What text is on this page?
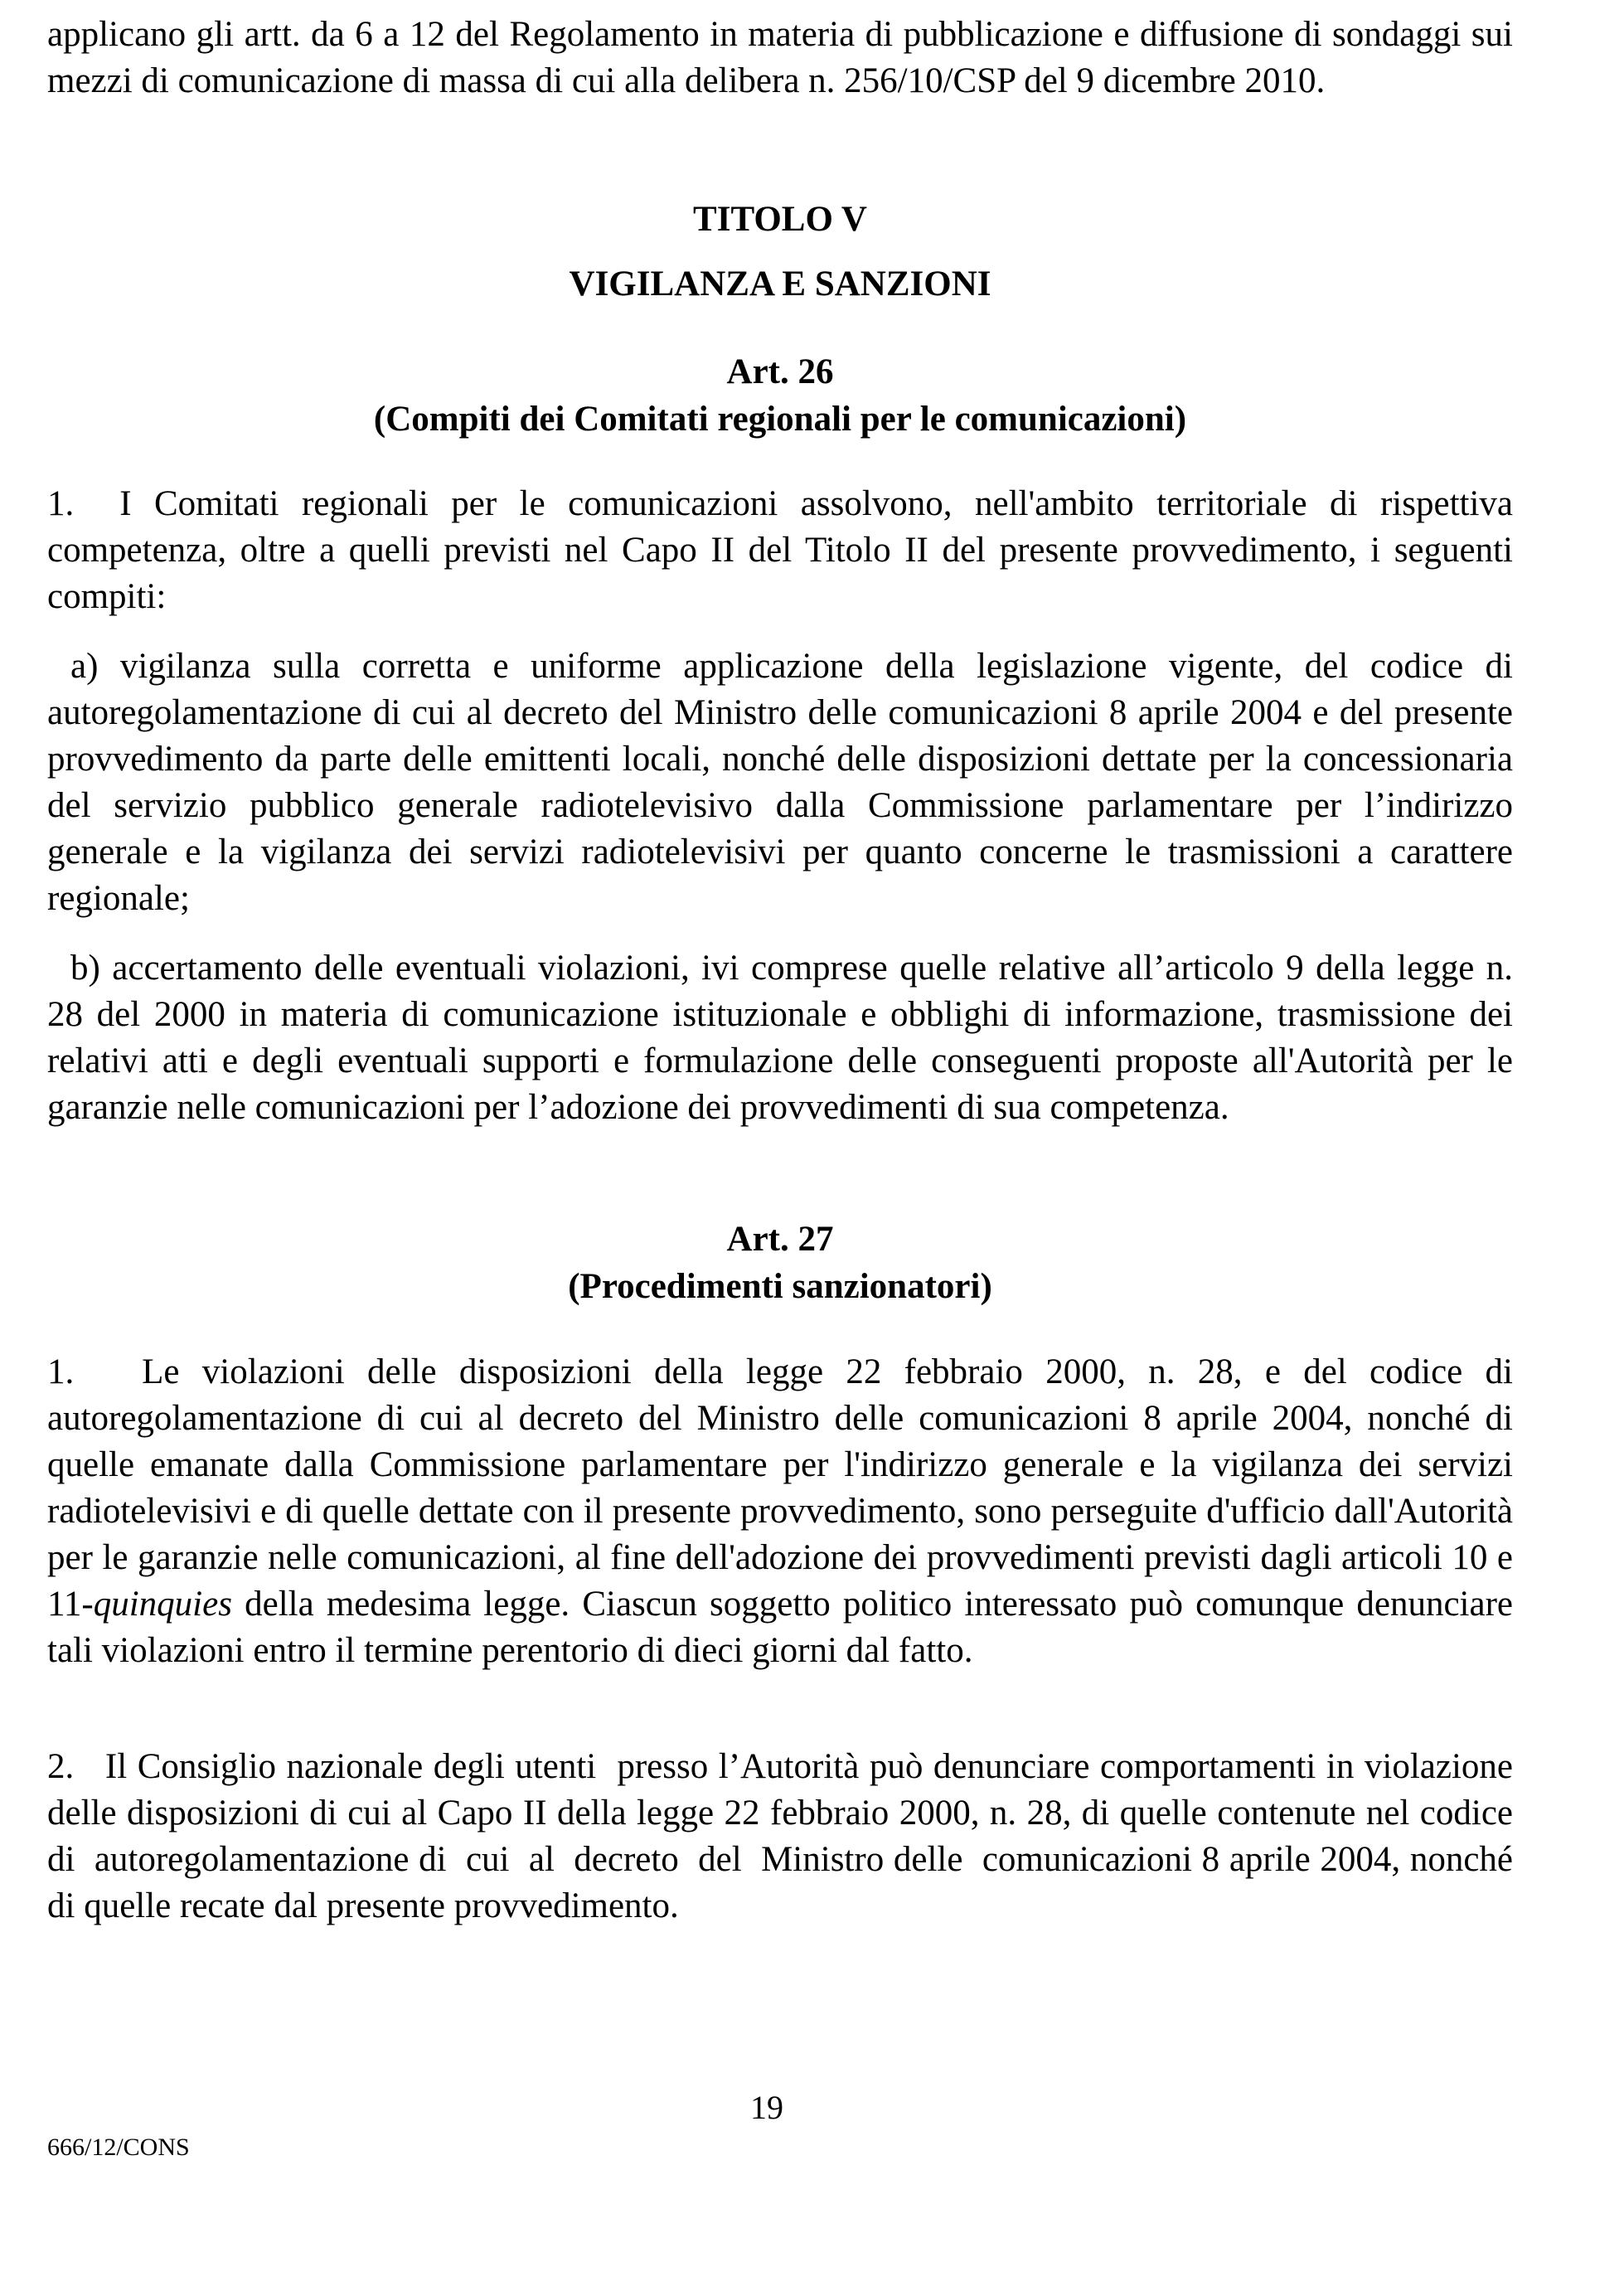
applicano gli artt. da 6 a 12 del Regolamento in materia di pubblicazione e diffusione di sondaggi sui mezzi di comunicazione di massa di cui alla delibera n. 256/10/CSP del 9 dicembre 2010.

TITOLO V

VIGILANZA E SANZIONI

Art. 26

(Compiti dei Comitati regionali per le comunicazioni)

1.  I Comitati regionali per le comunicazioni assolvono, nell'ambito territoriale di rispettiva competenza, oltre a quelli previsti nel Capo II del Titolo II del presente provvedimento, i seguenti compiti:

a) vigilanza sulla corretta e uniforme applicazione della legislazione vigente, del codice di autoregolamentazione di cui al decreto del Ministro delle comunicazioni 8 aprile 2004 e del presente provvedimento da parte delle emittenti locali, nonché delle disposizioni dettate per la concessionaria del servizio pubblico generale radiotelevisivo dalla Commissione parlamentare per l’indirizzo generale e la vigilanza dei servizi radiotelevisivi per quanto concerne le trasmissioni a carattere regionale;

b) accertamento delle eventuali violazioni, ivi comprese quelle relative all’articolo 9 della legge n. 28 del 2000 in materia di comunicazione istituzionale e obblighi di informazione, trasmissione dei relativi atti e degli eventuali supporti e formulazione delle conseguenti proposte all'Autorità per le garanzie nelle comunicazioni per l’adozione dei provvedimenti di sua competenza.

Art. 27

(Procedimenti sanzionatori)

1.   Le violazioni delle disposizioni della legge 22 febbraio 2000, n. 28, e del codice di autoregolamentazione di cui al decreto del Ministro delle comunicazioni 8 aprile 2004, nonché di quelle emanate dalla Commissione parlamentare per l'indirizzo generale e la vigilanza dei servizi radiotelevisivi e di quelle dettate con il presente provvedimento, sono perseguite d'ufficio dall'Autorità per le garanzie nelle comunicazioni, al fine dell'adozione dei provvedimenti previsti dagli articoli 10 e 11-quinquies della medesima legge. Ciascun soggetto politico interessato può comunque denunciare tali violazioni entro il termine perentorio di dieci giorni dal fatto.

2.   Il Consiglio nazionale degli utenti  presso l’Autorità può denunciare comportamenti in violazione delle disposizioni di cui al Capo II della legge 22 febbraio 2000, n. 28, di quelle contenute nel codice di  autoregolamentazione di  cui  al  decreto  del  Ministro delle  comunicazioni 8 aprile 2004, nonché di quelle recate dal presente provvedimento.

19
666/12/CONS
